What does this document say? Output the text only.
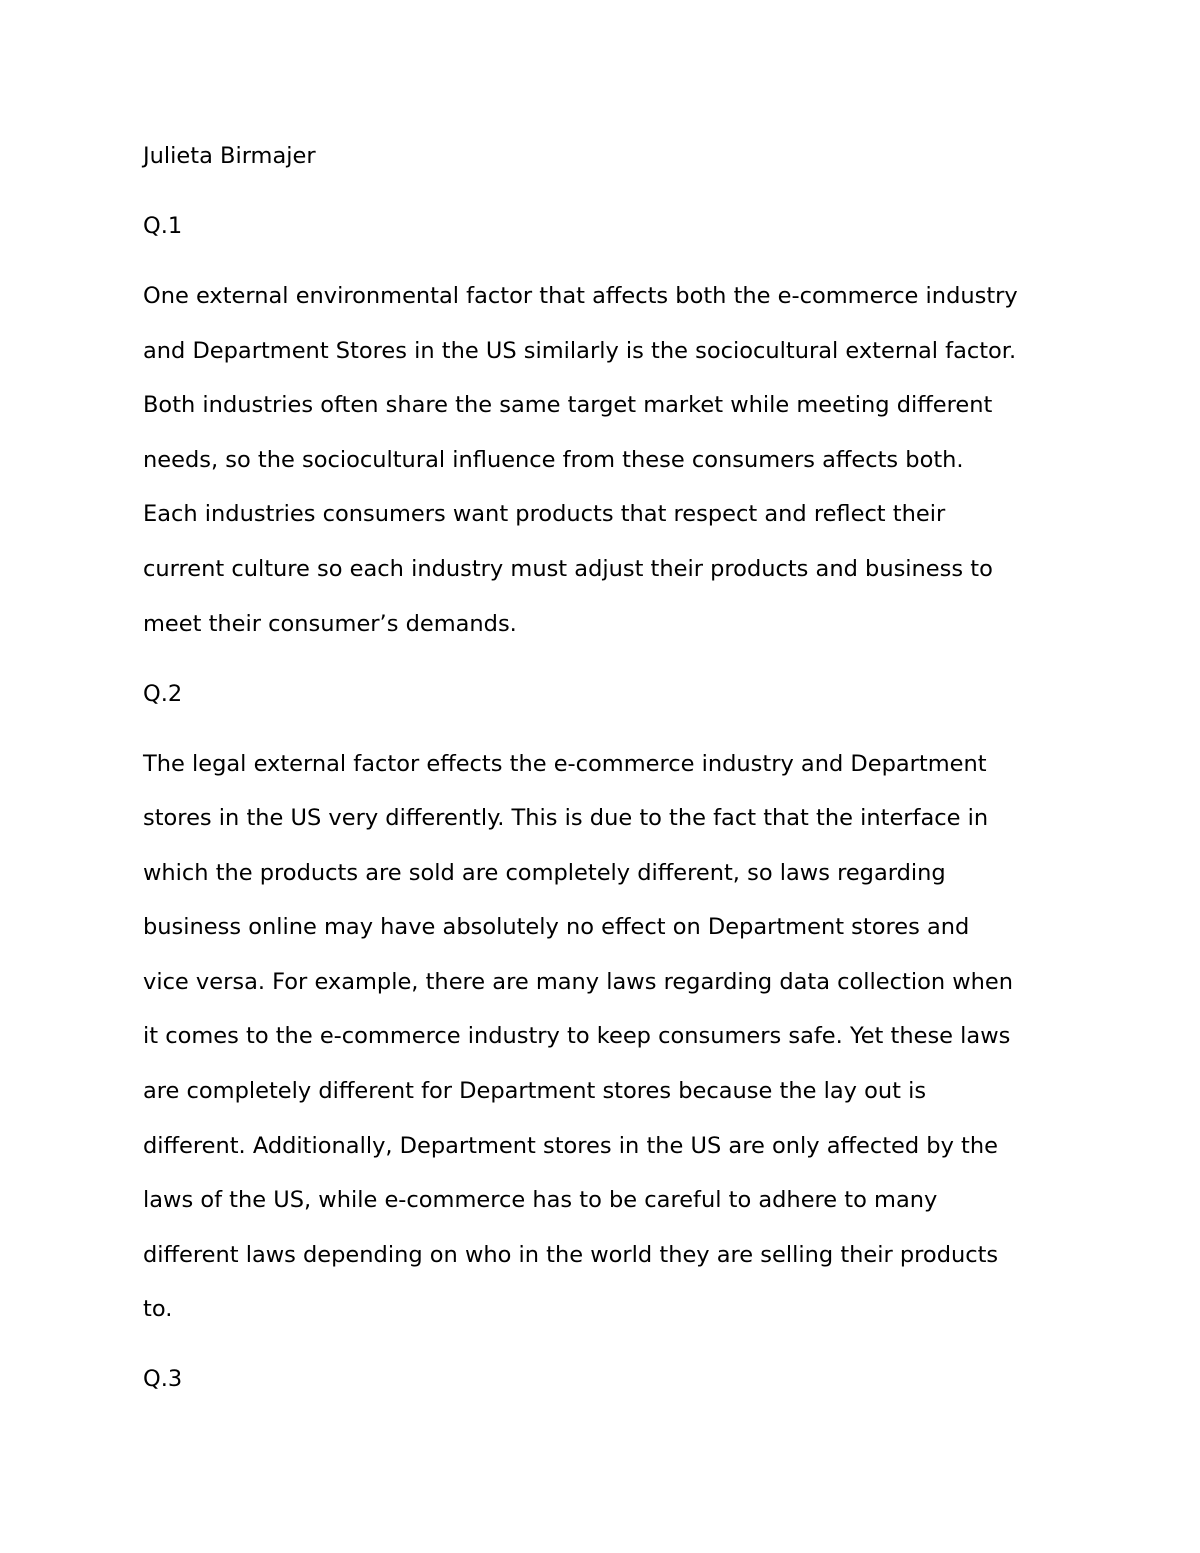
Julieta Birmajer

Q.1

One external environmental factor that affects both the e-commerce industry
and Department Stores in the US similarly is the sociocultural external factor.
Both industries often share the same target market while meeting different
needs, so the sociocultural influence from these consumers affects both.
Each industries consumers want products that respect and reflect their
current culture so each industry must adjust their products and business to
meet their consumer’s demands.

Q.2

The legal external factor effects the e-commerce industry and Department
stores in the US very differently. This is due to the fact that the interface in
which the products are sold are completely different, so laws regarding
business online may have absolutely no effect on Department stores and
vice versa. For example, there are many laws regarding data collection when
it comes to the e-commerce industry to keep consumers safe. Yet these laws
are completely different for Department stores because the lay out is
different. Additionally, Department stores in the US are only affected by the
laws of the US, while e-commerce has to be careful to adhere to many
different laws depending on who in the world they are selling their products
to.

Q.3
